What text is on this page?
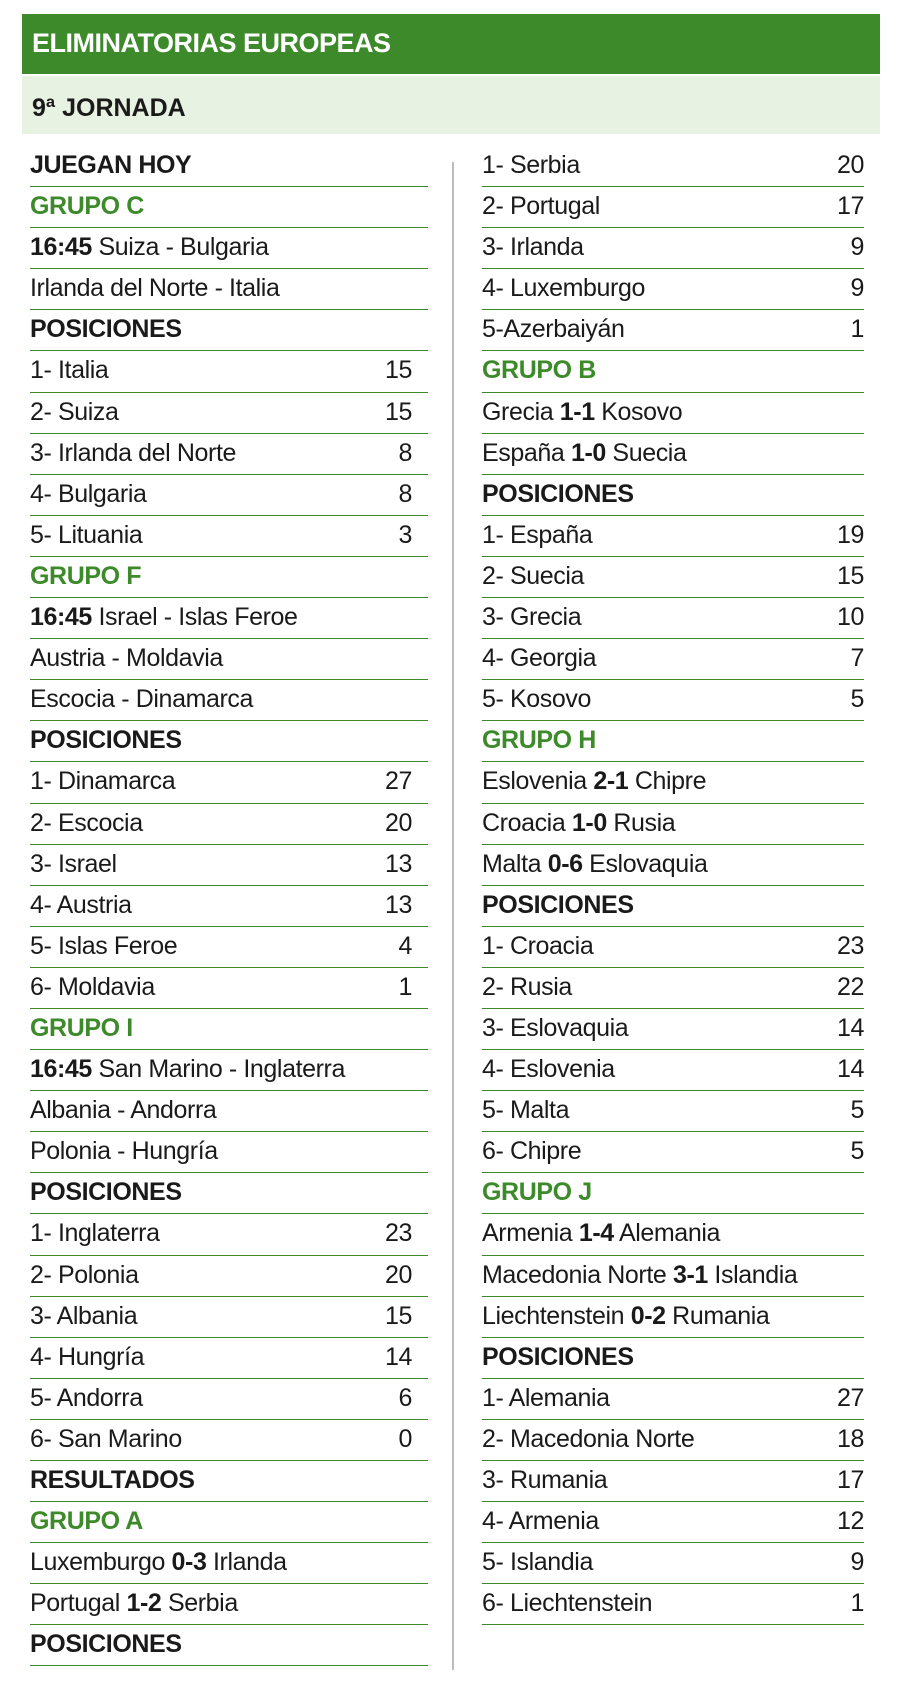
ELIMINATORIAS EUROPEAS
9ª JORNADA
JUEGAN HOY
GRUPO C
16:45 Suiza - Bulgaria
Irlanda del Norte - Italia
POSICIONES
1- Italia	15
2- Suiza	15
3- Irlanda del Norte	8
4- Bulgaria	8
5- Lituania	3
GRUPO F
16:45 Israel - Islas Feroe
Austria - Moldavia
Escocia - Dinamarca
POSICIONES
1- Dinamarca	27
2- Escocia	20
3- Israel	13
4- Austria	13
5- Islas Feroe	4
6- Moldavia	1
GRUPO I
16:45 San Marino - Inglaterra
Albania - Andorra
Polonia - Hungría
POSICIONES
1- Inglaterra	23
2- Polonia	20
3- Albania	15
4- Hungría	14
5- Andorra	6
6- San Marino	0
RESULTADOS
GRUPO A
Luxemburgo 0-3 Irlanda
Portugal 1-2 Serbia
POSICIONES
1- Serbia	20
2- Portugal	17
3- Irlanda	9
4- Luxemburgo	9
5-Azerbaiyán	1
GRUPO B
Grecia 1-1 Kosovo
España 1-0 Suecia
POSICIONES
1- España	19
2- Suecia	15
3- Grecia	10
4- Georgia	7
5- Kosovo	5
GRUPO H
Eslovenia 2-1 Chipre
Croacia 1-0 Rusia
Malta 0-6 Eslovaquia
POSICIONES
1- Croacia	23
2- Rusia	22
3- Eslovaquia	14
4- Eslovenia	14
5- Malta	5
6- Chipre	5
GRUPO J
Armenia 1-4 Alemania
Macedonia Norte 3-1 Islandia
Liechtenstein 0-2 Rumania
POSICIONES
1- Alemania	27
2- Macedonia Norte	18
3- Rumania	17
4- Armenia	12
5- Islandia	9
6- Liechtenstein	1
